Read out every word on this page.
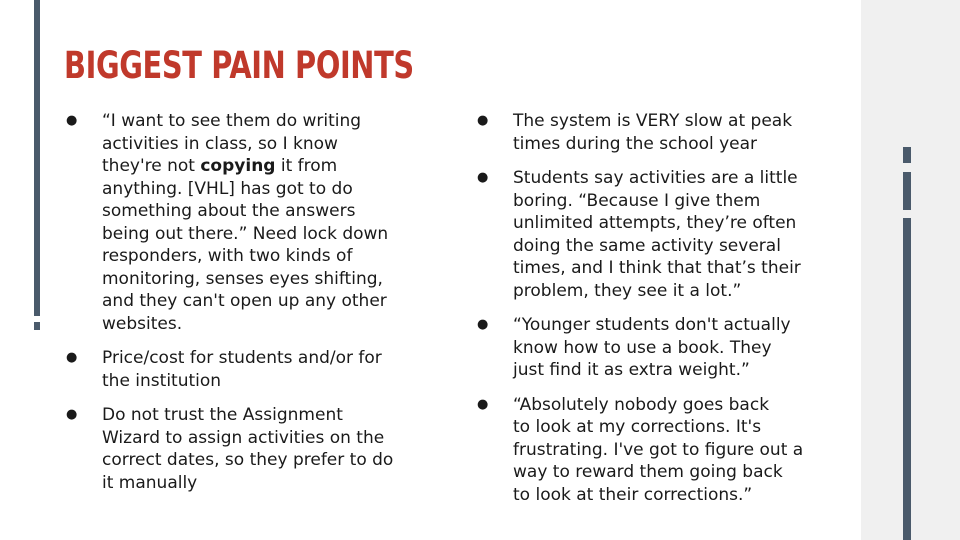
BIGGEST PAIN POINTS
● “I want to see them do writing
activities in class, so I know
they're not copying it from
anything. [VHL] has got to do
something about the answers
being out there.” Need lock down
responders, with two kinds of
monitoring, senses eyes shifting,
and they can't open up any other
websites.
● Price/cost for students and/or for
the institution
● Do not trust the Assignment
Wizard to assign activities on the
correct dates, so they prefer to do
it manually
● The system is VERY slow at peak
times during the school year
● Students say activities are a little
boring. “Because I give them
unlimited attempts, they’re often
doing the same activity several
times, and I think that that’s their
problem, they see it a lot.”
● “Younger students don't actually
know how to use a book. They
just find it as extra weight.”
● “Absolutely nobody goes back
to look at my corrections. It's
frustrating. I've got to figure out a
way to reward them going back
to look at their corrections.”
